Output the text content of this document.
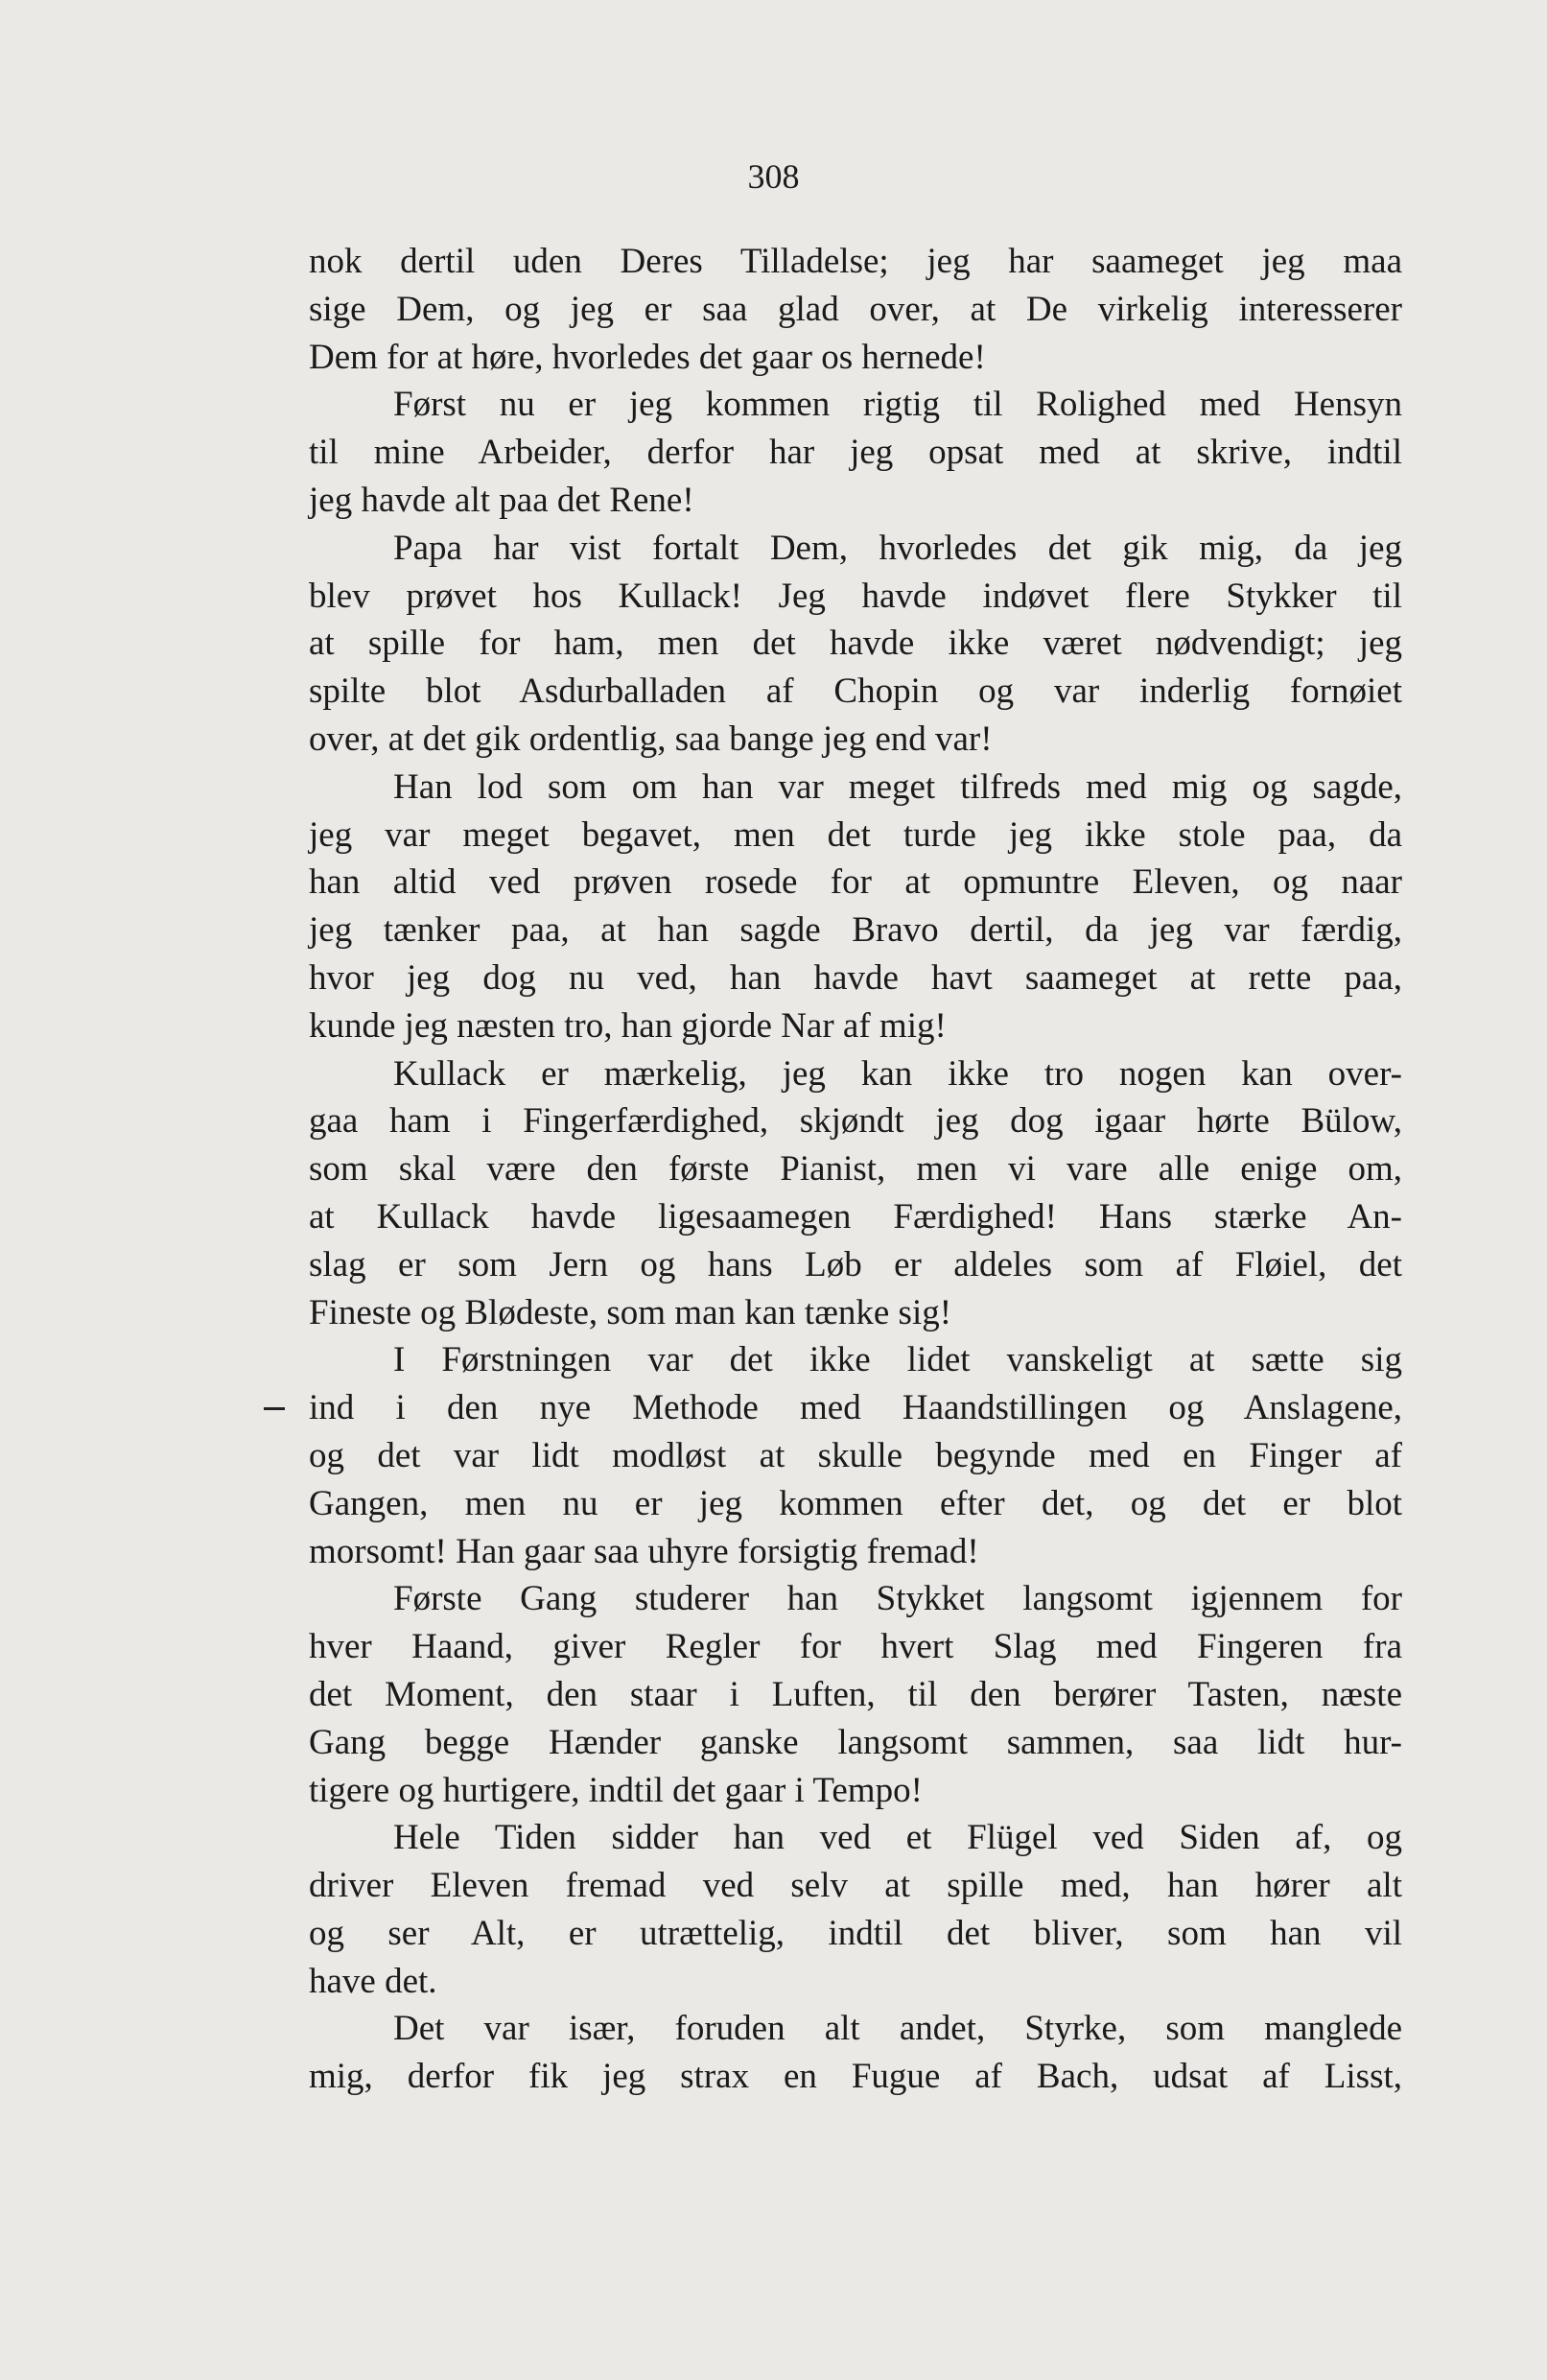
308
nok dertil uden Deres Tilladelse; jeg har saameget jeg maa
sige Dem, og jeg er saa glad over, at De virkelig interesserer
Dem for at høre, hvorledes det gaar os hernede!
Først nu er jeg kommen rigtig til Rolighed med Hensyn
til mine Arbeider, derfor har jeg opsat med at skrive, indtil
jeg havde alt paa det Rene!
Papa har vist fortalt Dem, hvorledes det gik mig, da jeg
blev prøvet hos Kullack! Jeg havde indøvet flere Stykker til
at spille for ham, men det havde ikke været nødvendigt; jeg
spilte blot Asdurballaden af Chopin og var inderlig fornøiet
over, at det gik ordentlig, saa bange jeg end var!
Han lod som om han var meget tilfreds med mig og sagde,
jeg var meget begavet, men det turde jeg ikke stole paa, da
han altid ved prøven rosede for at opmuntre Eleven, og naar
jeg tænker paa, at han sagde Bravo dertil, da jeg var færdig,
hvor jeg dog nu ved, han havde havt saameget at rette paa,
kunde jeg næsten tro, han gjorde Nar af mig!
Kullack er mærkelig, jeg kan ikke tro nogen kan over-
gaa ham i Fingerfærdighed, skjøndt jeg dog igaar hørte Bülow,
som skal være den første Pianist, men vi vare alle enige om,
at Kullack havde ligesaamegen Færdighed! Hans stærke An-
slag er som Jern og hans Løb er aldeles som af Fløiel, det
Fineste og Blødeste, som man kan tænke sig!
I Førstningen var det ikke lidet vanskeligt at sætte sig
ind i den nye Methode med Haandstillingen og Anslagene,
og det var lidt modløst at skulle begynde med en Finger af
Gangen, men nu er jeg kommen efter det, og det er blot
morsomt! Han gaar saa uhyre forsigtig fremad!
Første Gang studerer han Stykket langsomt igjennem for
hver Haand, giver Regler for hvert Slag med Fingeren fra
det Moment, den staar i Luften, til den berører Tasten, næste
Gang begge Hænder ganske langsomt sammen, saa lidt hur-
tigere og hurtigere, indtil det gaar i Tempo!
Hele Tiden sidder han ved et Flügel ved Siden af, og
driver Eleven fremad ved selv at spille med, han hører alt
og ser Alt, er utrættelig, indtil det bliver, som han vil
have det.
Det var især, foruden alt andet, Styrke, som manglede
mig, derfor fik jeg strax en Fugue af Bach, udsat af Lisst,
